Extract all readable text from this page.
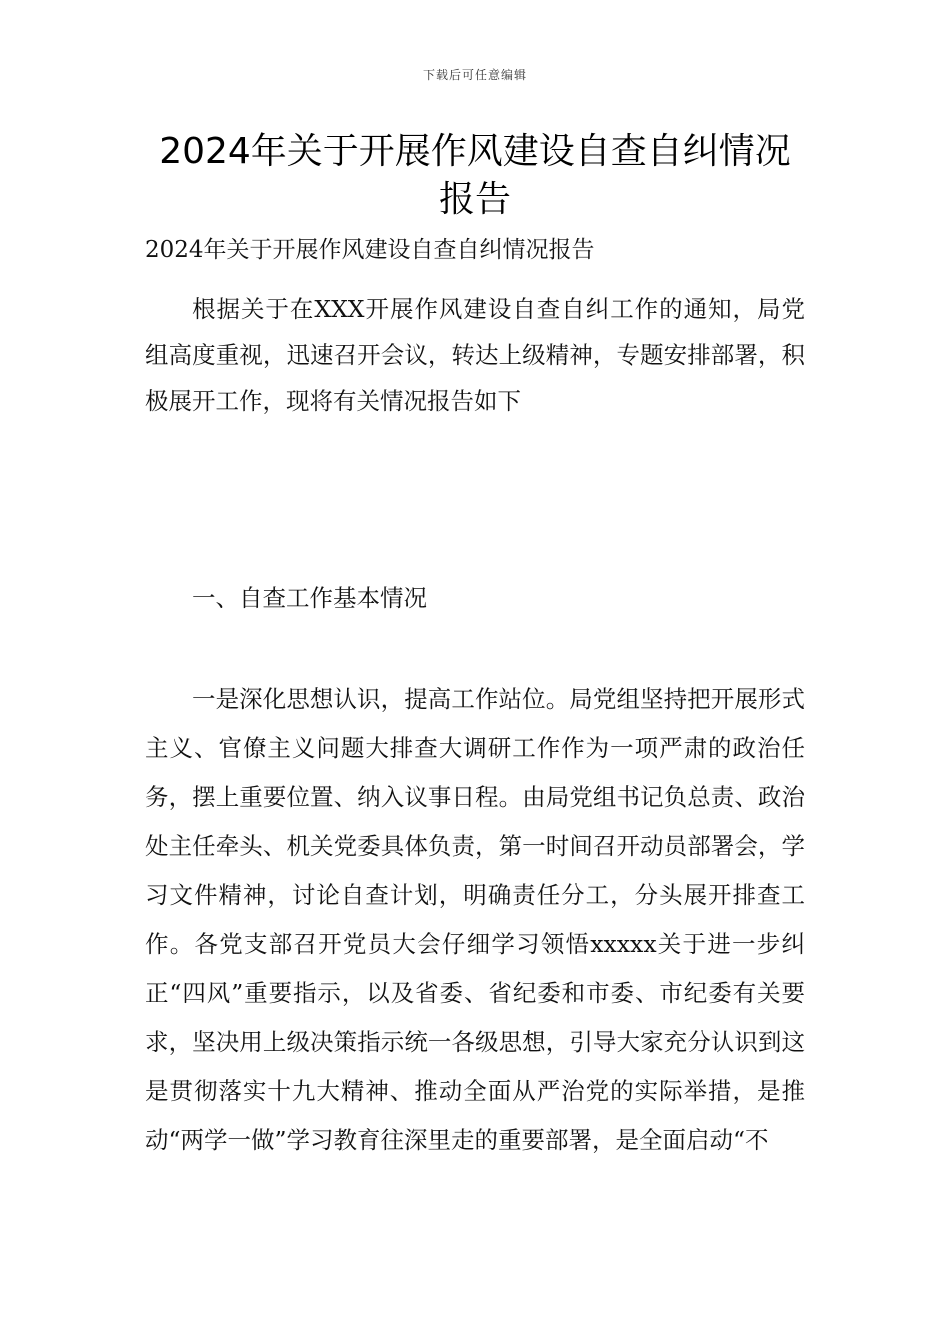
下载后可任意编辑
2024年关于开展作风建设自查自纠情况报告

2024年关于开展作风建设自查自纠情况报告

根据关于在XXX开展作风建设自查自纠工作的通知，局党组高度重视，迅速召开会议，转达上级精神，专题安排部署，积极展开工作，现将有关情况报告如下

一、自查工作基本情况

一是深化思想认识，提高工作站位。局党组坚持把开展形式主义、官僚主义问题大排查大调研工作作为一项严肃的政治任务，摆上重要位置、纳入议事日程。由局党组书记负总责、政治处主任牵头、机关党委具体负责，第一时间召开动员部署会，学习文件精神，讨论自查计划，明确责任分工，分头展开排查工作。各党支部召开党员大会仔细学习领悟xxxxx关于进一步纠正“四风”重要指示，以及省委、省纪委和市委、市纪委有关要求，坚决用上级决策指示统一各级思想，引导大家充分认识到这是贯彻落实十九大精神、推动全面从严治党的实际举措，是推动“两学一做”学习教育往深里走的重要部署，是全面启动“不
